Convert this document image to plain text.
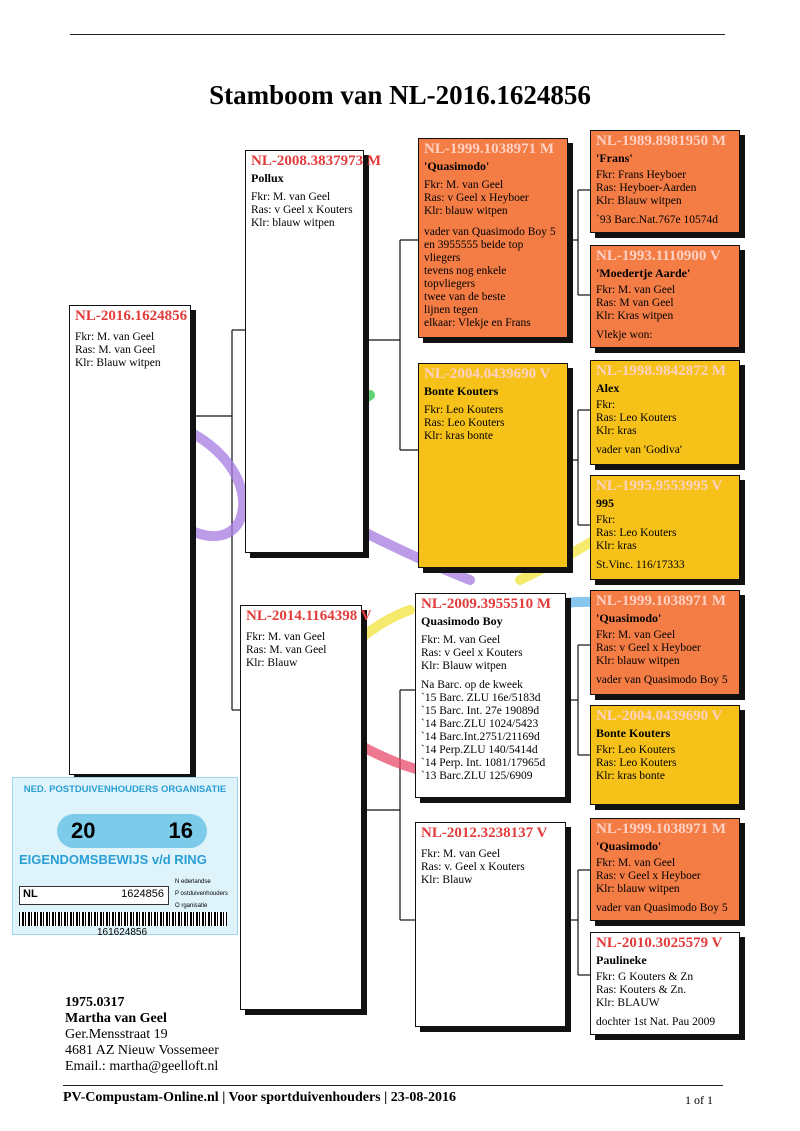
Stamboom van NL-2016.1624856
NL-2016.1624856
Fkr: M. van Geel
Ras: M. van Geel
Klr: Blauw witpen
NL-2008.3837973 M
Pollux
Fkr: M. van Geel
Ras: v Geel x Kouters
Klr: blauw witpen
NL-2014.1164398 V
Fkr: M. van Geel
Ras: M. van Geel
Klr: Blauw
NL-1999.1038971 M
'Quasimodo'
Fkr: M. van Geel
Ras: v Geel x Heyboer
Klr: blauw witpen
vader van Quasimodo Boy 5
en 3955555 beide top
vliegers
tevens nog enkele
topvliegers
twee van de beste
lijnen tegen
elkaar: Vlekje en Frans
NL-2004.0439690 V
Bonte Kouters
Fkr: Leo Kouters
Ras: Leo Kouters
Klr: kras bonte
NL-2009.3955510 M
Quasimodo Boy
Fkr: M. van Geel
Ras: v Geel x Kouters
Klr: Blauw witpen
Na Barc. op de kweek
`15 Barc. ZLU 16e/5183d
`15 Barc. Int. 27e 19089d
`14 Barc.ZLU 1024/5423
`14 Barc.Int.2751/21169d
`14 Perp.ZLU 140/5414d
`14 Perp. Int. 1081/17965d
`13 Barc.ZLU 125/6909
NL-2012.3238137 V
Fkr: M. van Geel
Ras: v. Geel x Kouters
Klr: Blauw
NL-1989.8981950 M
'Frans'
Fkr: Frans Heyboer
Ras: Heyboer-Aarden
Klr: Blauw witpen
`93 Barc.Nat.767e 10574d
NL-1993.1110900 V
'Moedertje Aarde'
Fkr: M. van Geel
Ras: M van Geel
Klr: Kras witpen
Vlekje won:
NL-1998.9842872 M
Alex
Fkr:
Ras: Leo Kouters
Klr: kras
vader van 'Godiva'
NL-1995.9553995 V
995
Fkr:
Ras: Leo Kouters
Klr: kras
St.Vinc. 116/17333
NL-1999.1038971 M
'Quasimodo'
Fkr: M. van Geel
Ras: v Geel x Heyboer
Klr: blauw witpen
vader van Quasimodo Boy 5
NL-2004.0439690 V
Bonte Kouters
Fkr: Leo Kouters
Ras: Leo Kouters
Klr: kras bonte
NL-1999.1038971 M
'Quasimodo'
Fkr: M. van Geel
Ras: v Geel x Heyboer
Klr: blauw witpen
vader van Quasimodo Boy 5
NL-2010.3025579 V
Paulineke
Fkr: G Kouters & Zn
Ras: Kouters & Zn.
Klr: BLAUW
dochter 1st Nat. Pau 2009
NED. POSTDUIVENHOUDERS ORGANISATIE
20	16
EIGENDOMSBEWIJS v/d RING
NL	1624856
N ederlandse
P ostduivenhouders
O rganisatie
161624856
1975.0317
Martha van Geel
Ger.Mensstraat 19
4681 AZ Nieuw Vossemeer
Email.: martha@geelloft.nl
PV-Compustam-Online.nl | Voor sportduivenhouders | 23-08-2016	1 of 1
